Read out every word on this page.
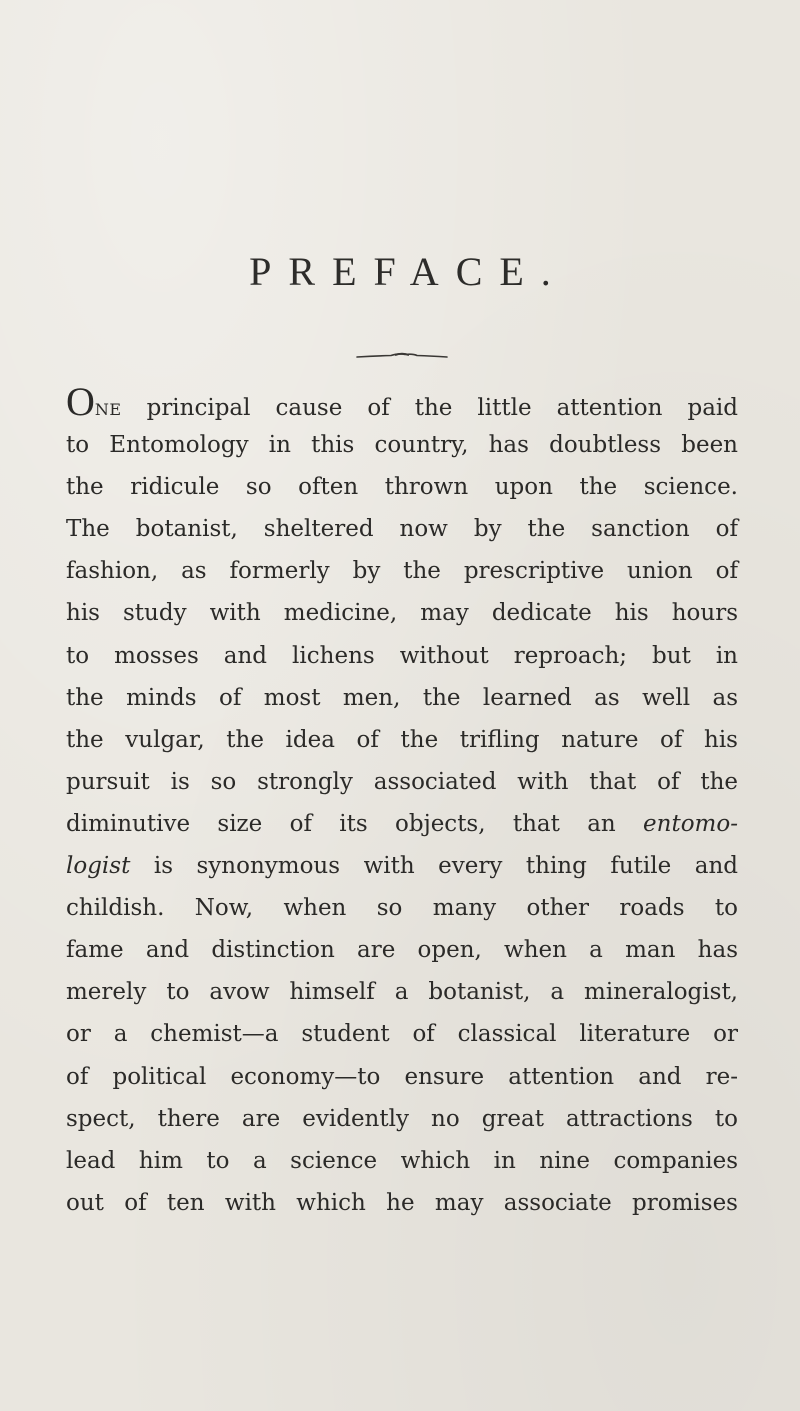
PREFACE.
ONE principal cause of the little attention paid
to Entomology in this country, has doubtless been
the ridicule so often thrown upon the science.
The botanist, sheltered now by the sanction of
fashion, as formerly by the prescriptive union of
his study with medicine, may dedicate his hours
to mosses and lichens without reproach; but in
the minds of most men, the learned as well as
the vulgar, the idea of the trifling nature of his
pursuit is so strongly associated with that of the
diminutive size of its objects, that an entomo-
logist is synonymous with every thing futile and
childish. Now, when so many other roads to
fame and distinction are open, when a man has
merely to avow himself a botanist, a mineralogist,
or a chemist—a student of classical literature or
of political economy—to ensure attention and re-
spect, there are evidently no great attractions to
lead him to a science which in nine companies
out of ten with which he may associate promises
